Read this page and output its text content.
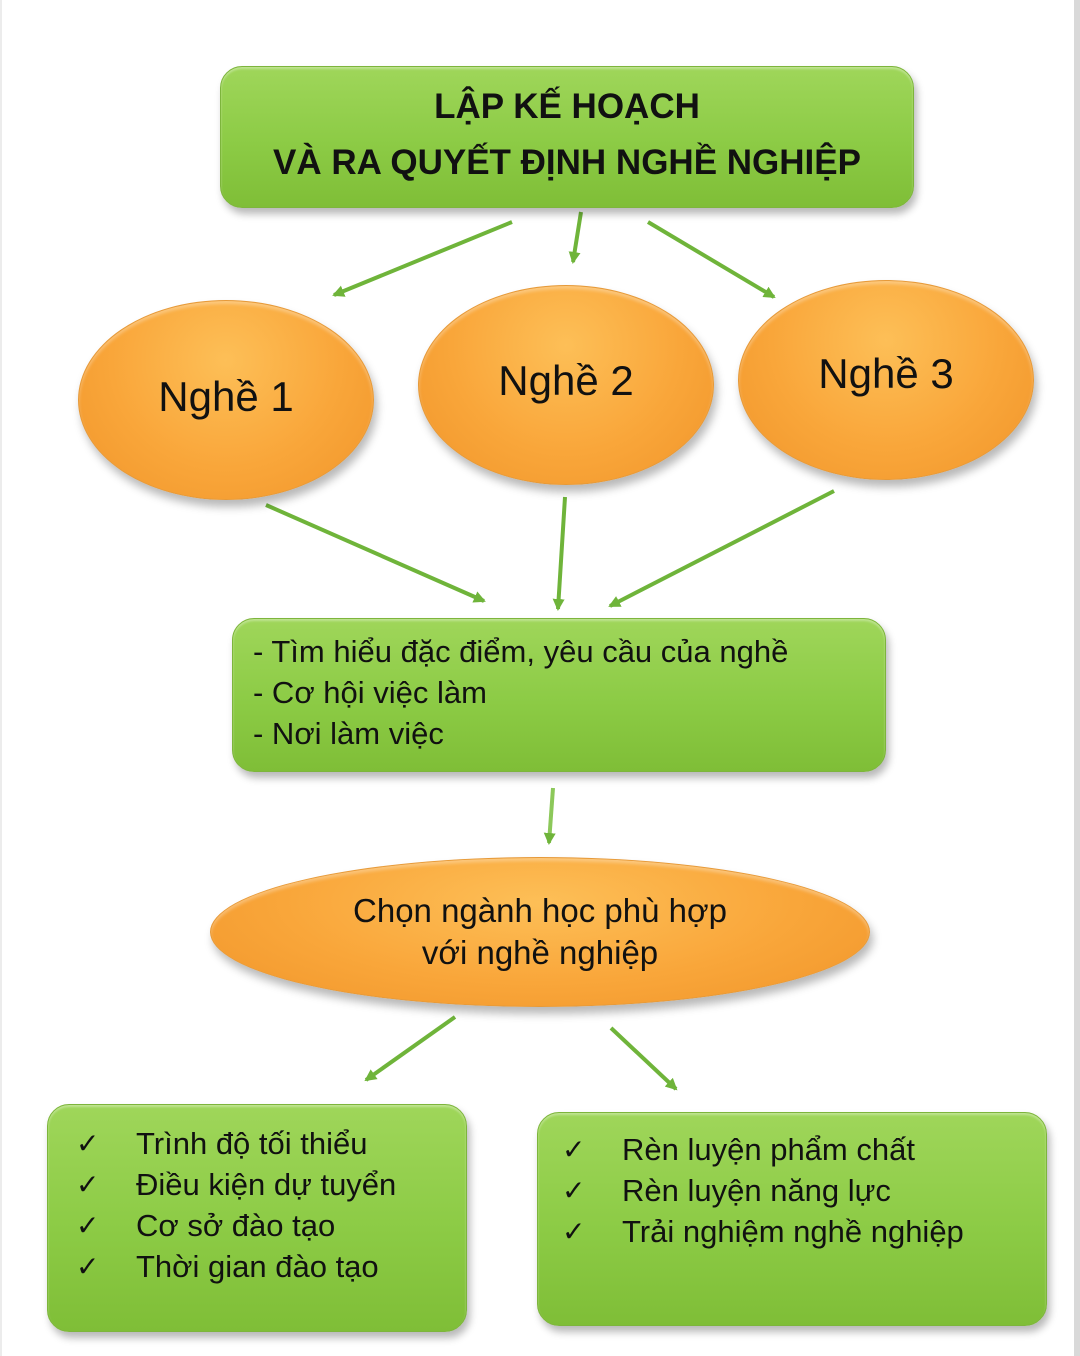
LẬP KẾ HOẠCH
VÀ RA QUYẾT ĐỊNH NGHỀ NGHIỆP
Nghề 1	Nghề 2	Nghề 3
- Tìm hiểu đặc điểm, yêu cầu của nghề
- Cơ hội việc làm
- Nơi làm việc
Chọn ngành học phù hợp
với nghề nghiệp
✓	Trình độ tối thiểu
✓	Điều kiện dự tuyển
✓	Cơ sở đào tạo
✓	Thời gian đào tạo
✓	Rèn luyện phẩm chất
✓	Rèn luyện năng lực
✓	Trải nghiệm nghề nghiệp
